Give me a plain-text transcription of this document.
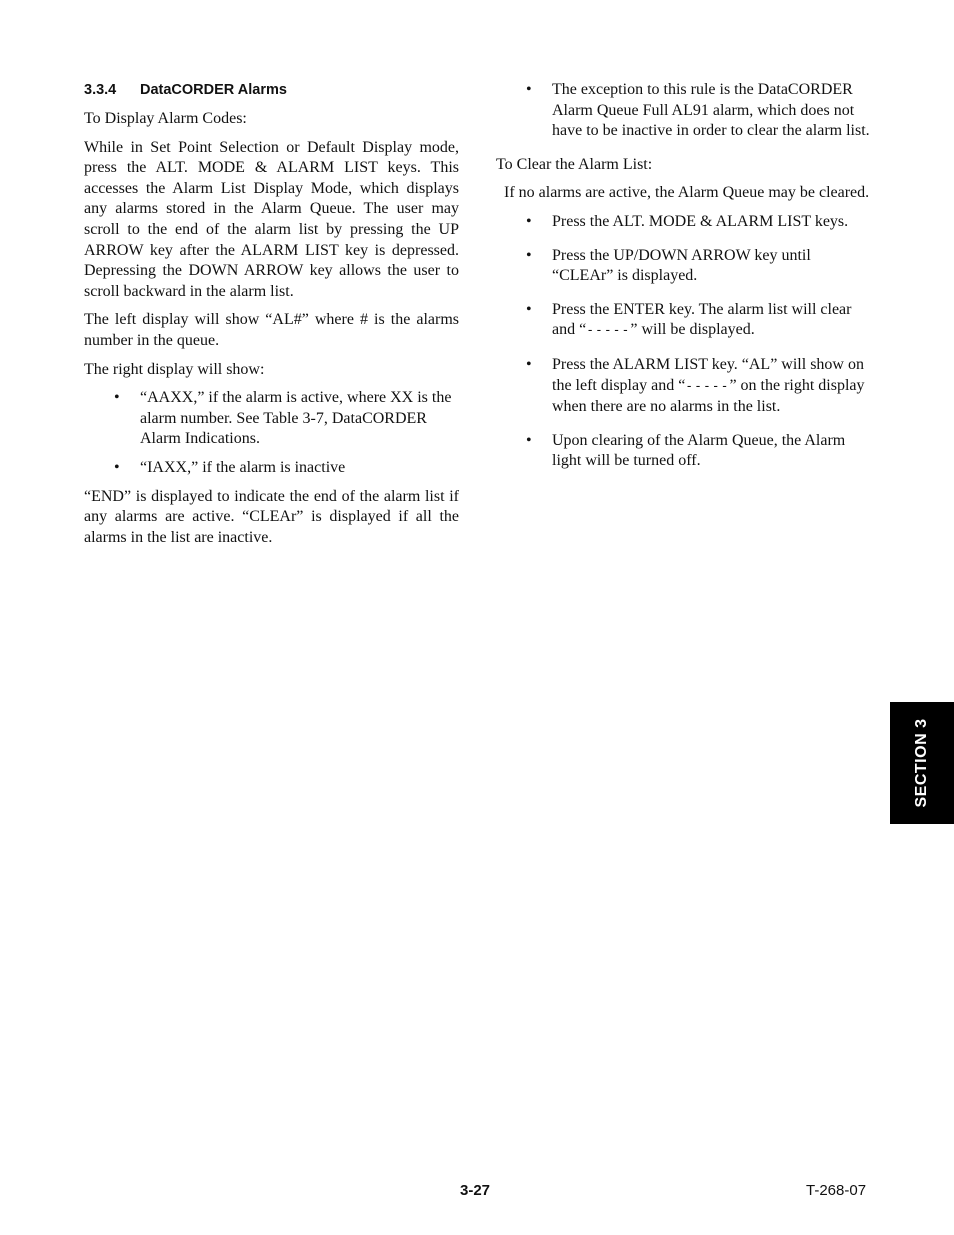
3.3.4 DataCORDER Alarms

To Display Alarm Codes:

While in Set Point Selection or Default Display mode, press the ALT. MODE & ALARM LIST keys. This accesses the Alarm List Display Mode, which displays any alarms stored in the Alarm Queue. The user may scroll to the end of the alarm list by pressing the UP ARROW key after the ALARM LIST key is depressed. Depressing the DOWN ARROW key allows the user to scroll backward in the alarm list.

The left display will show “AL#” where # is the alarms number in the queue.

The right display will show:

• “AAXX,” if the alarm is active, where XX is the alarm number. See Table 3-7, DataCORDER Alarm Indications.
• “IAXX,” if the alarm is inactive

“END” is displayed to indicate the end of the alarm list if any alarms are active. “CLEAr” is displayed if all the alarms in the list are inactive.

• The exception to this rule is the DataCORDER Alarm Queue Full AL91 alarm, which does not have to be inactive in order to clear the alarm list.

To Clear the Alarm List:

If no alarms are active, the Alarm Queue may be cleared.

• Press the ALT. MODE & ALARM LIST keys.
• Press the UP/DOWN ARROW key until “CLEAr” is displayed.
• Press the ENTER key. The alarm list will clear and “-----” will be displayed.
• Press the ALARM LIST key. “AL” will show on the left display and “-----” on the right display when there are no alarms in the list.
• Upon clearing of the Alarm Queue, the Alarm light will be turned off.
SECTION 3
3-27	T-268-07
